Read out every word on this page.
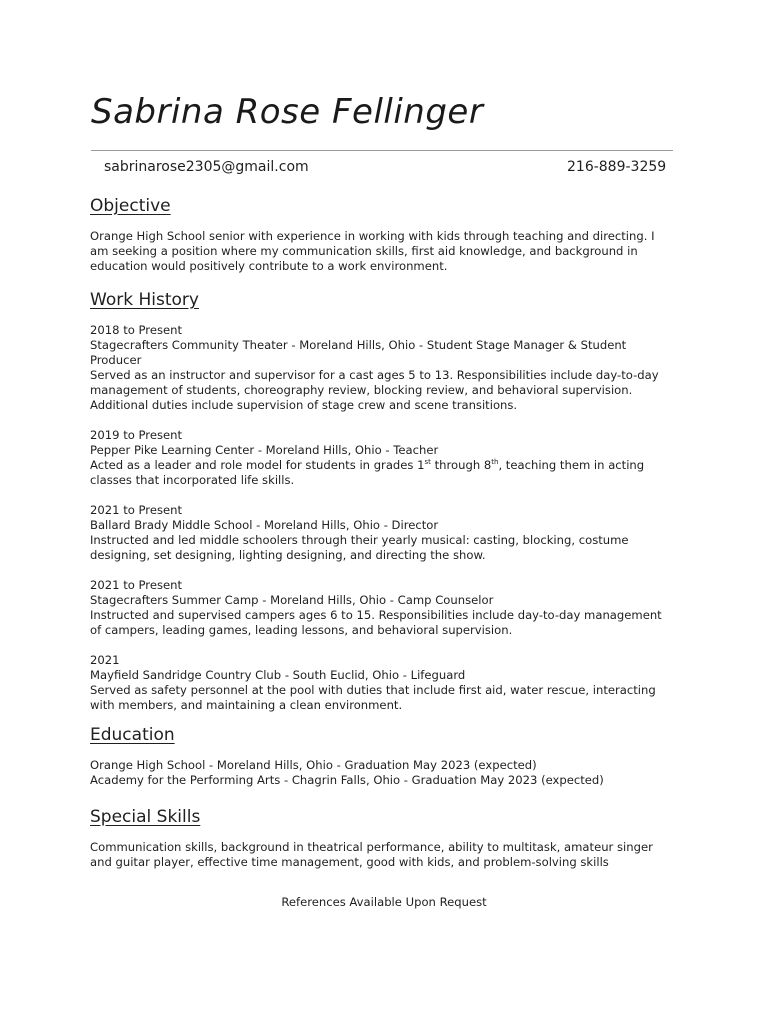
Sabrina Rose Fellinger
sabrinarose2305@gmail.com	216-889-3259
Objective

Orange High School senior with experience in working with kids through teaching and directing. I am seeking a position where my communication skills, first aid knowledge, and background in education would positively contribute to a work environment.

Work History
2018 to Present
Stagecrafters Community Theater - Moreland Hills, Ohio - Student Stage Manager & Student Producer
Served as an instructor and supervisor for a cast ages 5 to 13. Responsibilities include day-to-day management of students, choreography review, blocking review, and behavioral supervision. Additional duties include supervision of stage crew and scene transitions.
2019 to Present
Pepper Pike Learning Center - Moreland Hills, Ohio - Teacher
Acted as a leader and role model for students in grades 1st through 8th, teaching them in acting classes that incorporated life skills.
2021 to Present
Ballard Brady Middle School - Moreland Hills, Ohio - Director
Instructed and led middle schoolers through their yearly musical: casting, blocking, costume designing, set designing, lighting designing, and directing the show.
2021 to Present
Stagecrafters Summer Camp - Moreland Hills, Ohio - Camp Counselor
Instructed and supervised campers ages 6 to 15. Responsibilities include day-to-day management of campers, leading games, leading lessons, and behavioral supervision.
2021
Mayfield Sandridge Country Club - South Euclid, Ohio - Lifeguard
Served as safety personnel at the pool with duties that include first aid, water rescue, interacting with members, and maintaining a clean environment.
Education
Orange High School - Moreland Hills, Ohio - Graduation May 2023 (expected)
Academy for the Performing Arts - Chagrin Falls, Ohio - Graduation May 2023 (expected)
Special Skills

Communication skills, background in theatrical performance, ability to multitask, amateur singer and guitar player, effective time management, good with kids, and problem-solving skills

References Available Upon Request
